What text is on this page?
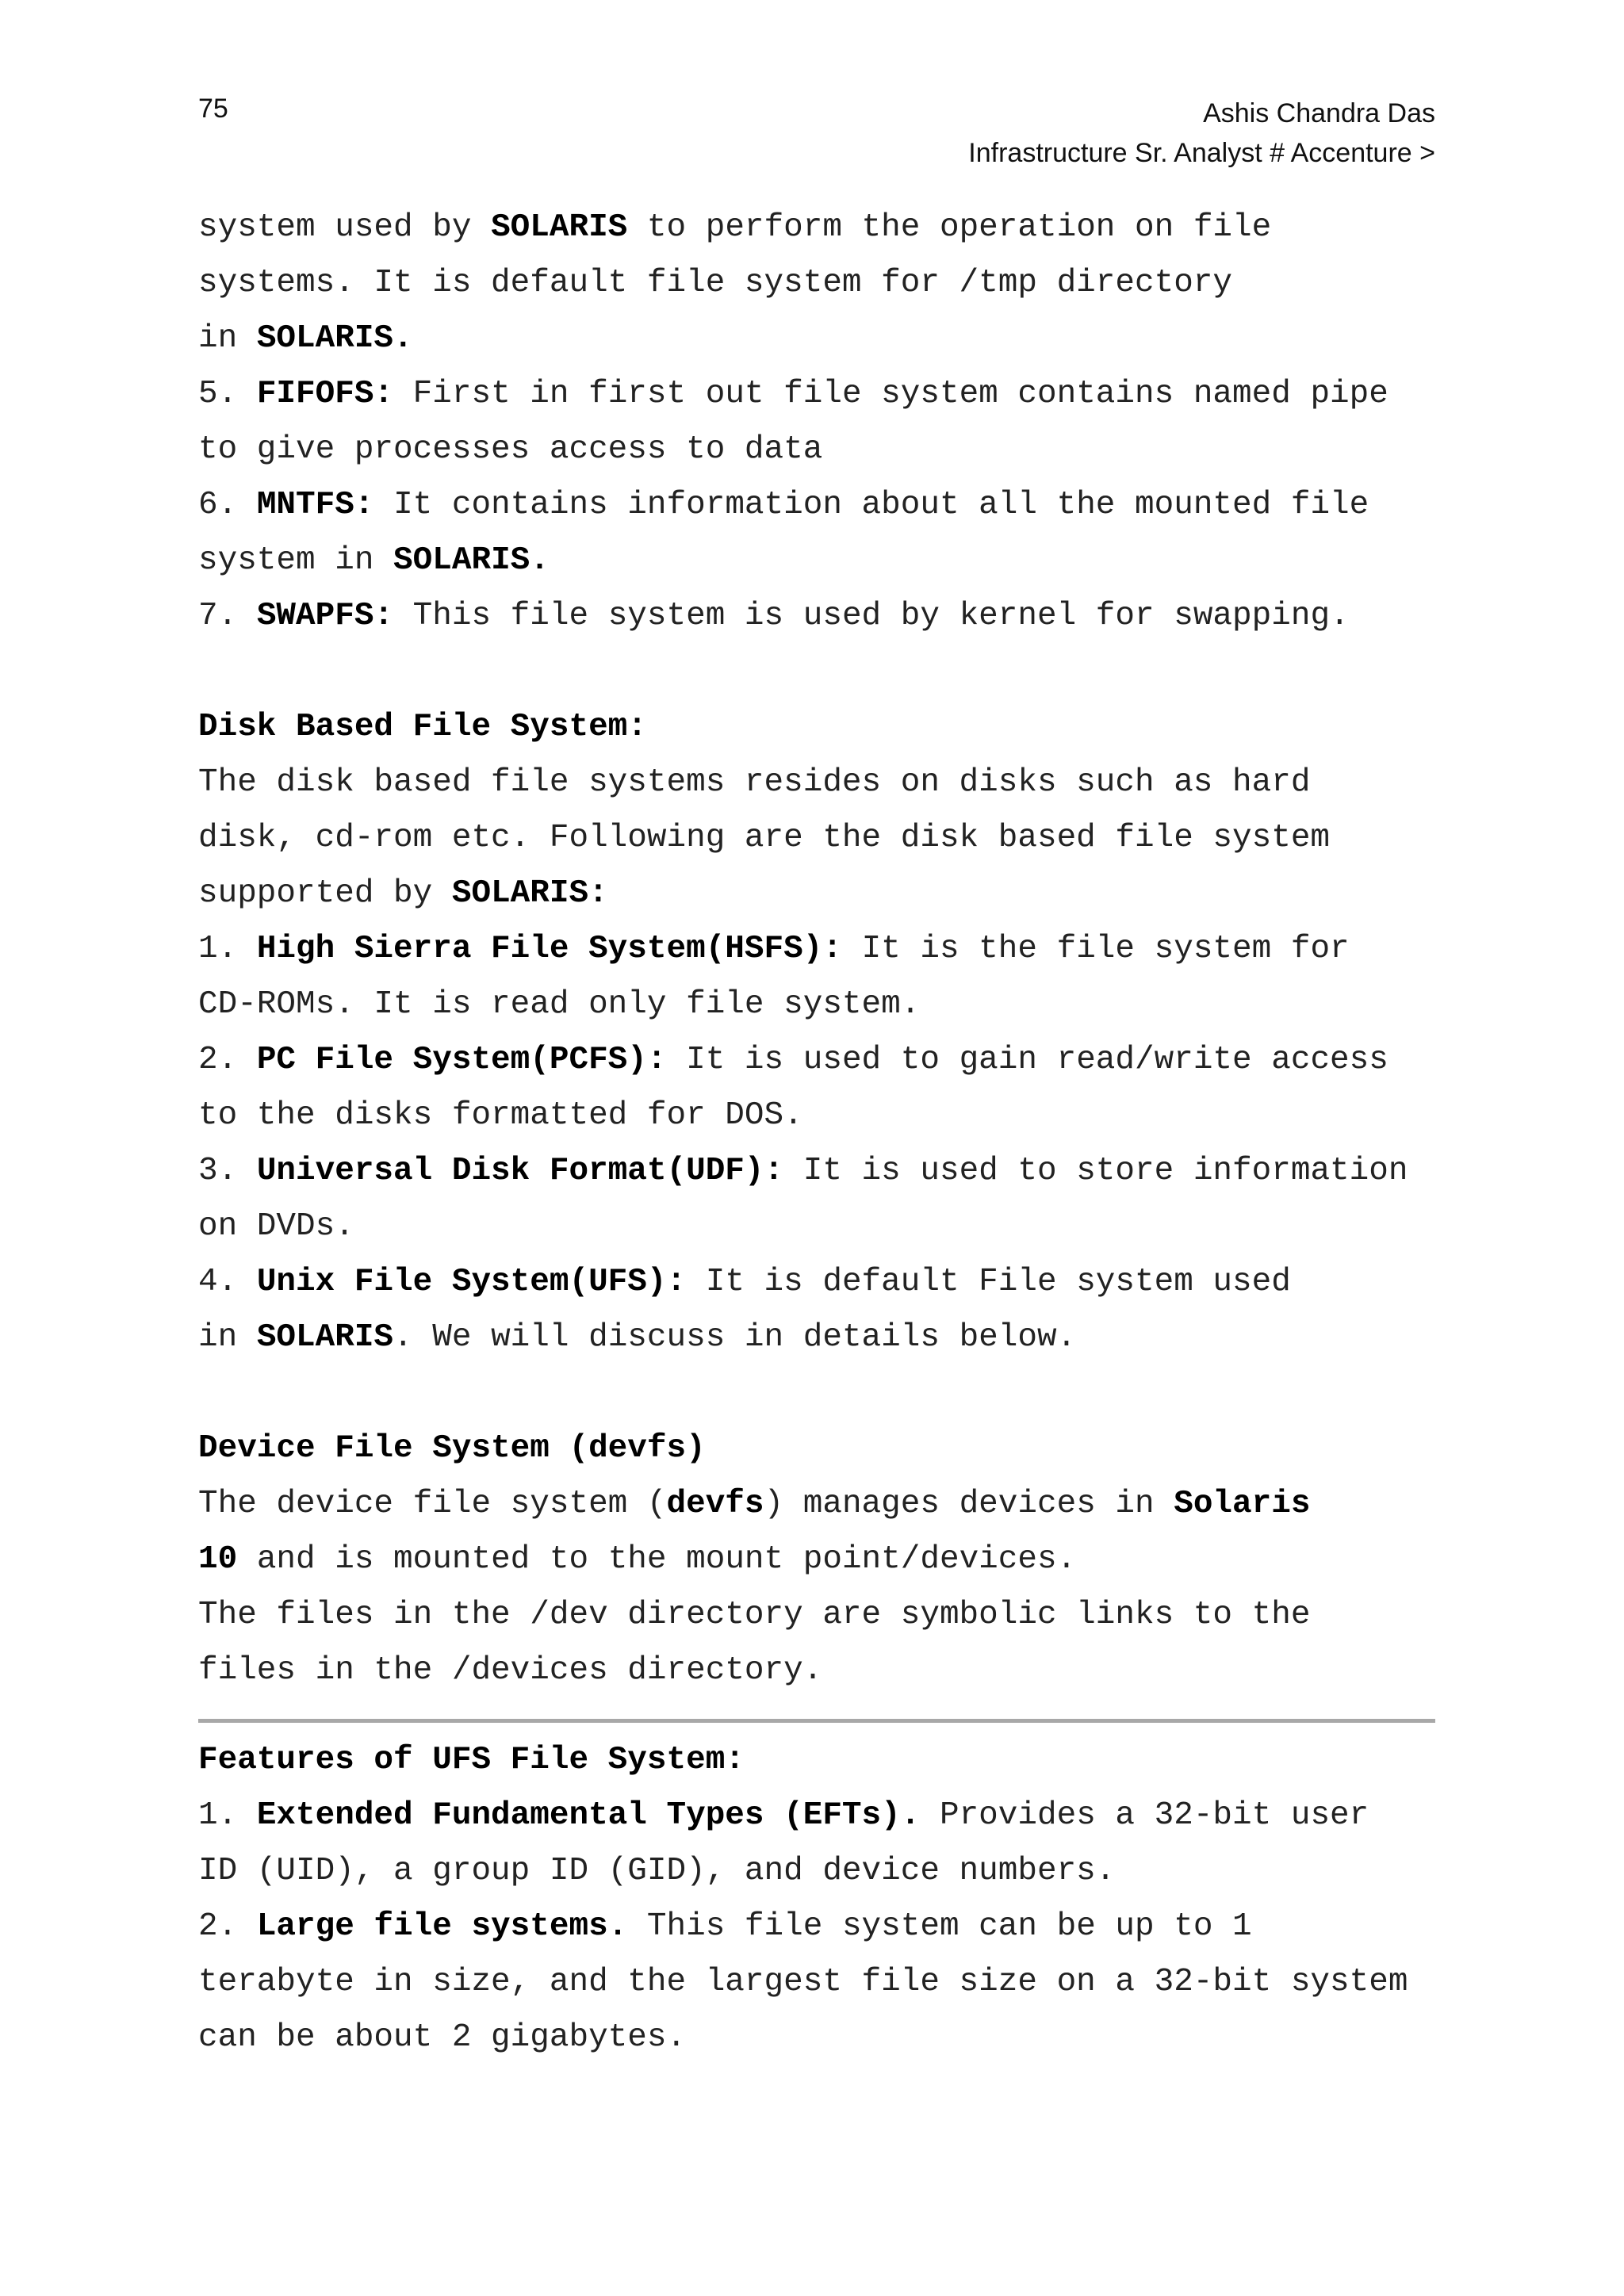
75	Ashis Chandra Das
Infrastructure Sr. Analyst # Accenture >
system used by SOLARIS to perform the operation on file
systems. It is default file system for /tmp directory
in SOLARIS.
5. FIFOFS: First in first out file system contains named pipe
to give processes access to data
6. MNTFS: It contains information about all the mounted file
system in SOLARIS.
7. SWAPFS: This file system is used by kernel for swapping.
Disk Based File System:
The disk based file systems resides on disks such as hard
disk, cd-rom etc. Following are the disk based file system
supported by SOLARIS:
1. High Sierra File System(HSFS): It is the file system for
CD-ROMs. It is read only file system.
2. PC File System(PCFS): It is used to gain read/write access
to the disks formatted for DOS.
3. Universal Disk Format(UDF): It is used to store information
on DVDs.
4. Unix File System(UFS): It is default File system used
in SOLARIS. We will discuss in details below.
Device File System (devfs)
The device file system (devfs) manages devices in Solaris
10 and is mounted to the mount point/devices.
The files in the /dev directory are symbolic links to the
files in the /devices directory.
Features of UFS File System:
1. Extended Fundamental Types (EFTs). Provides a 32-bit user
ID (UID), a group ID (GID), and device numbers.
2. Large file systems. This file system can be up to 1
terabyte in size, and the largest file size on a 32-bit system
can be about 2 gigabytes.
